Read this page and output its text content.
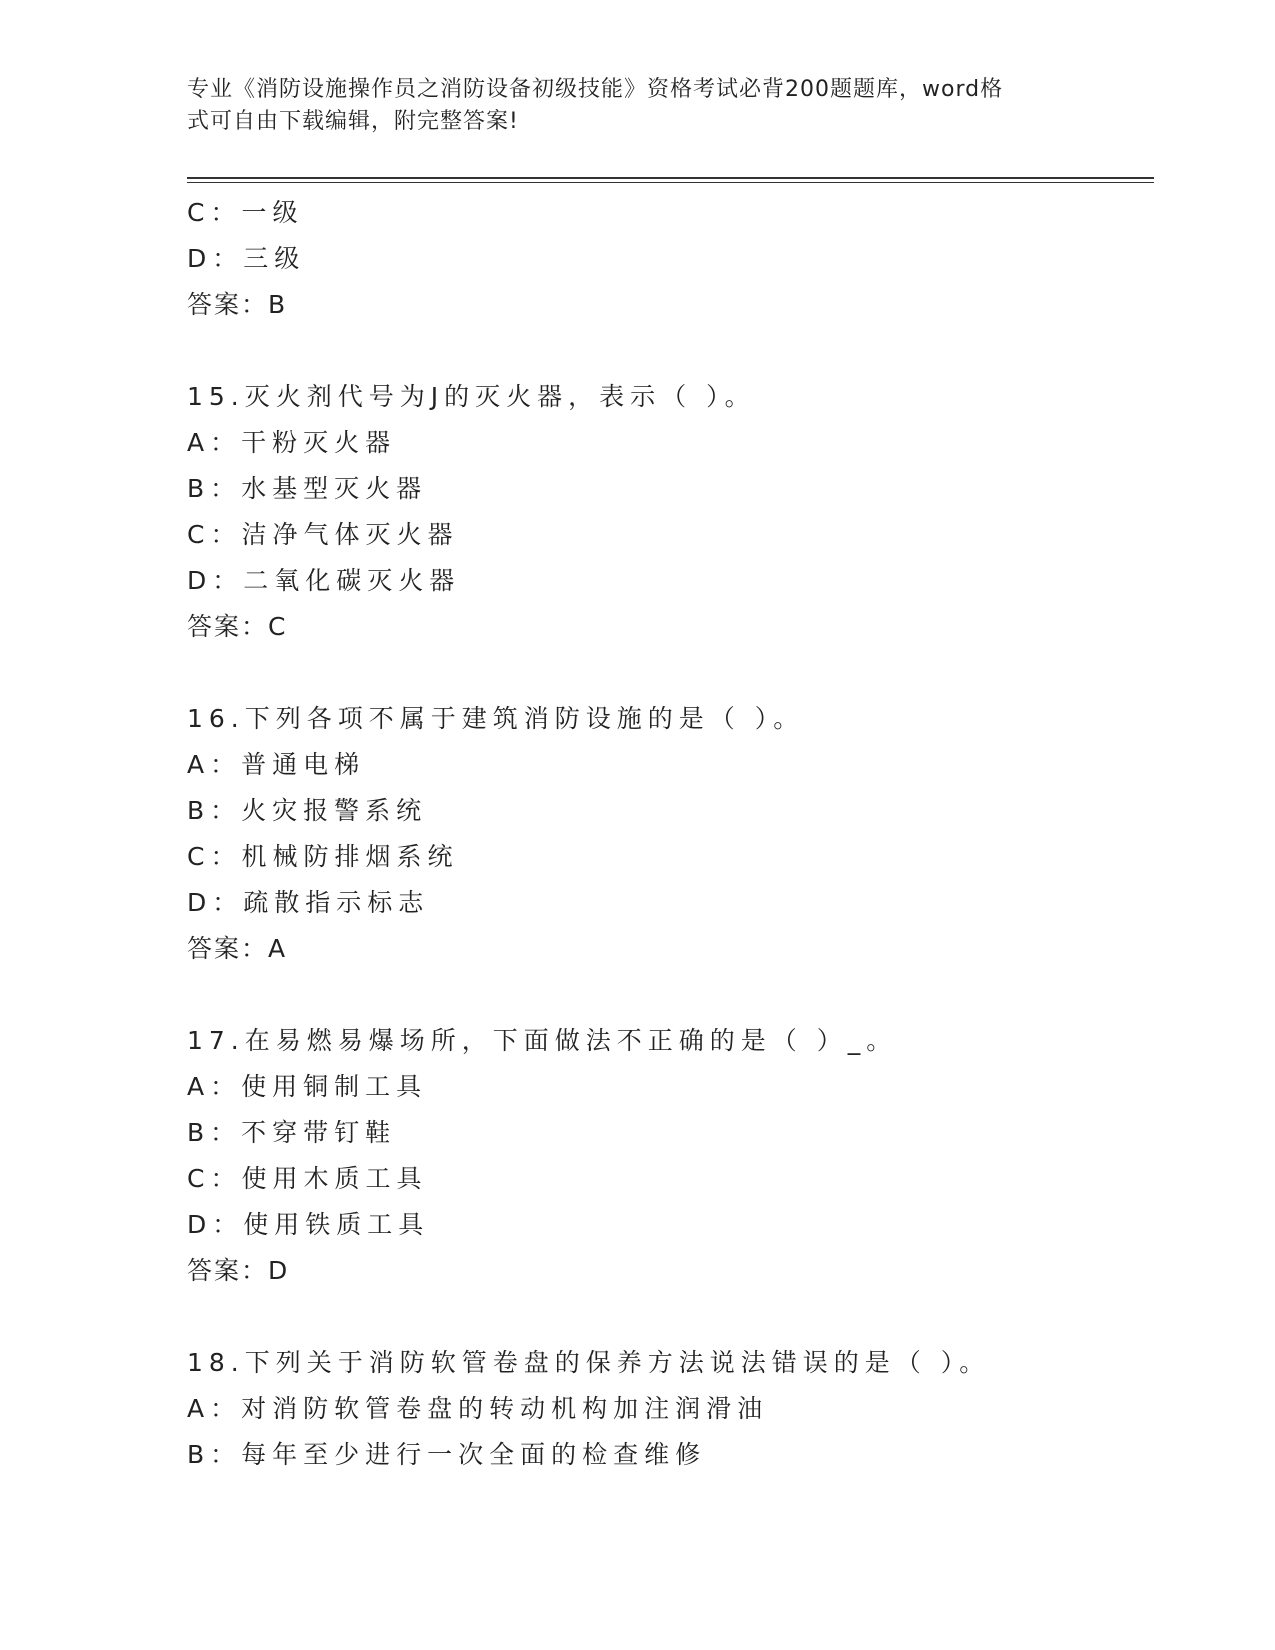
专业《消防设施操作员之消防设备初级技能》资格考试必背200题题库，word格
式可自由下载编辑，附完整答案!
C：一级
D：三级
答案：B
15.灭火剂代号为J的灭火器，表示（ ）。
A：干粉灭火器
B：水基型灭火器
C：洁净气体灭火器
D：二氧化碳灭火器
答案：C
16.下列各项不属于建筑消防设施的是（ ）。
A：普通电梯
B：火灾报警系统
C：机械防排烟系统
D：疏散指示标志
答案：A
17.在易燃易爆场所，下面做法不正确的是（ ）_。
A：使用铜制工具
B：不穿带钉鞋
C：使用木质工具
D：使用铁质工具
答案：D
18.下列关于消防软管卷盘的保养方法说法错误的是（ ）。
A：对消防软管卷盘的转动机构加注润滑油
B：每年至少进行一次全面的检查维修
